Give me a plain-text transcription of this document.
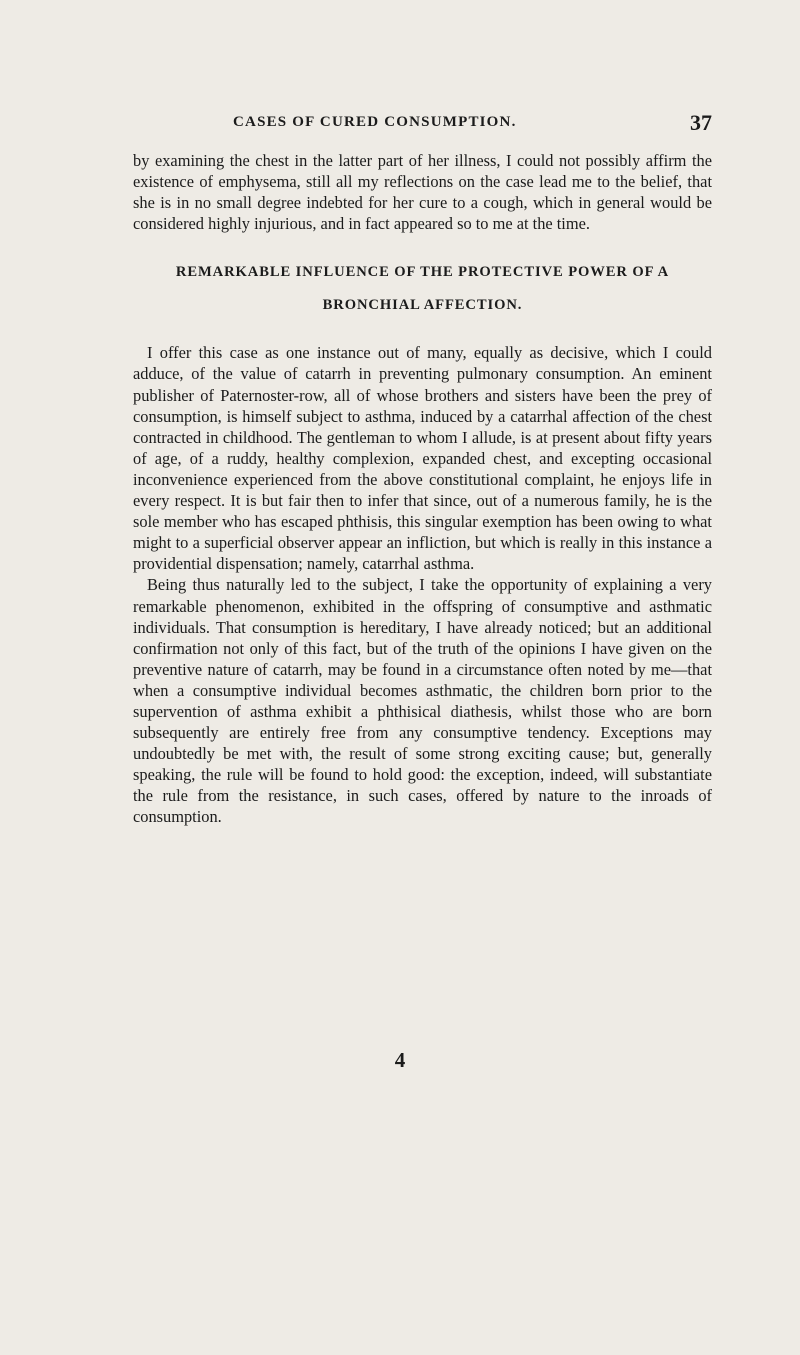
CASES OF CURED CONSUMPTION.	37

by examining the chest in the latter part of her illness, I could not possibly affirm the existence of emphysema, still all my reflections on the case lead me to the belief, that she is in no small degree indebted for her cure to a cough, which in general would be considered highly injurious, and in fact appeared so to me at the time.

REMARKABLE INFLUENCE OF THE PROTECTIVE POWER OF A BRONCHIAL AFFECTION.

I offer this case as one instance out of many, equally as decisive, which I could adduce, of the value of catarrh in preventing pulmonary consumption. An eminent publisher of Paternoster-row, all of whose brothers and sisters have been the prey of consumption, is himself subject to asthma, induced by a catarrhal affection of the chest contracted in childhood. The gentleman to whom I allude, is at present about fifty years of age, of a ruddy, healthy complexion, expanded chest, and excepting occasional inconvenience experienced from the above constitutional complaint, he enjoys life in every respect. It is but fair then to infer that since, out of a numerous family, he is the sole member who has escaped phthisis, this singular exemption has been owing to what might to a superficial observer appear an infliction, but which is really in this instance a providential dispensation; namely, catarrhal asthma.

Being thus naturally led to the subject, I take the opportunity of explaining a very remarkable phenomenon, exhibited in the offspring of consumptive and asthmatic individuals. That consumption is hereditary, I have already noticed; but an additional confirmation not only of this fact, but of the truth of the opinions I have given on the preventive nature of catarrh, may be found in a circumstance often noted by me—that when a consumptive individual becomes asthmatic, the children born prior to the supervention of asthma exhibit a phthisical diathesis, whilst those who are born subsequently are entirely free from any consumptive tendency. Exceptions may undoubtedly be met with, the result of some strong exciting cause; but, generally speaking, the rule will be found to hold good: the exception, indeed, will substantiate the rule from the resistance, in such cases, offered by nature to the inroads of consumption.

4
